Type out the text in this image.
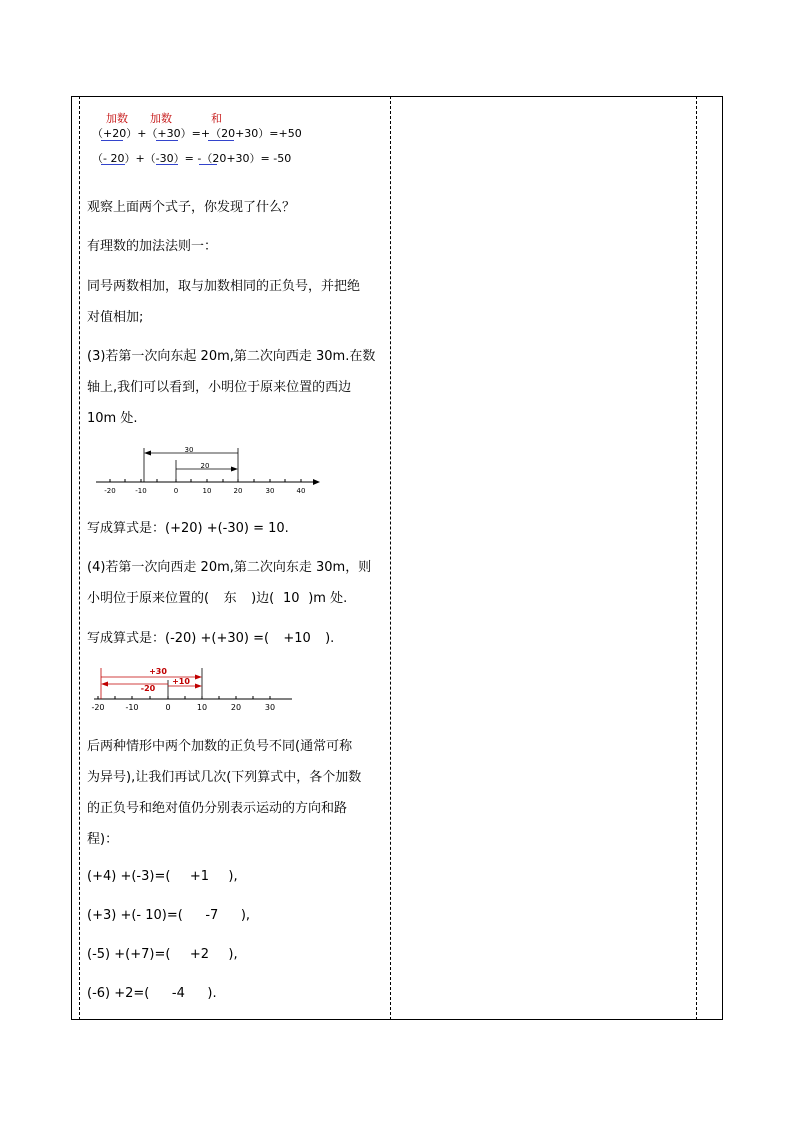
加数 加数	和
（+20）+（+30）=+（20+30）=+50
（- 20）+（-30）= -（20+30）= -50
观察上面两个式子，你发现了什么？
有理数的加法法则一：
同号两数相加，取与加数相同的正负号，并把绝
对值相加;
(3)若第一次向东起 20m,第二次向西走 30m.在数
轴上,我们可以看到，小明位于原来位置的西边
10m 处.
-20	-10	0	10	20	30	40
30
20
写成算式是：(+20) +(-30) = 10.
(4)若第一次向西走 20m,第二次向东走 30m，则
小明位于原来位置的( 东 )边( 10 )m 处.
写成算式是：(-20) +(+30) =( +10 ).
-20	-10	0	10	20	30
+30
-20
+10
后两种情形中两个加数的正负号不同(通常可称
为异号),让我们再试几次(下列算式中，各个加数
的正负号和绝对值仍分别表示运动的方向和路
程)：
(+4) +(-3)=( +1 ),
(+3) +(- 10)=( -7 ),
(-5) +(+7)=( +2 ),
(-6) +2=( -4 ).
